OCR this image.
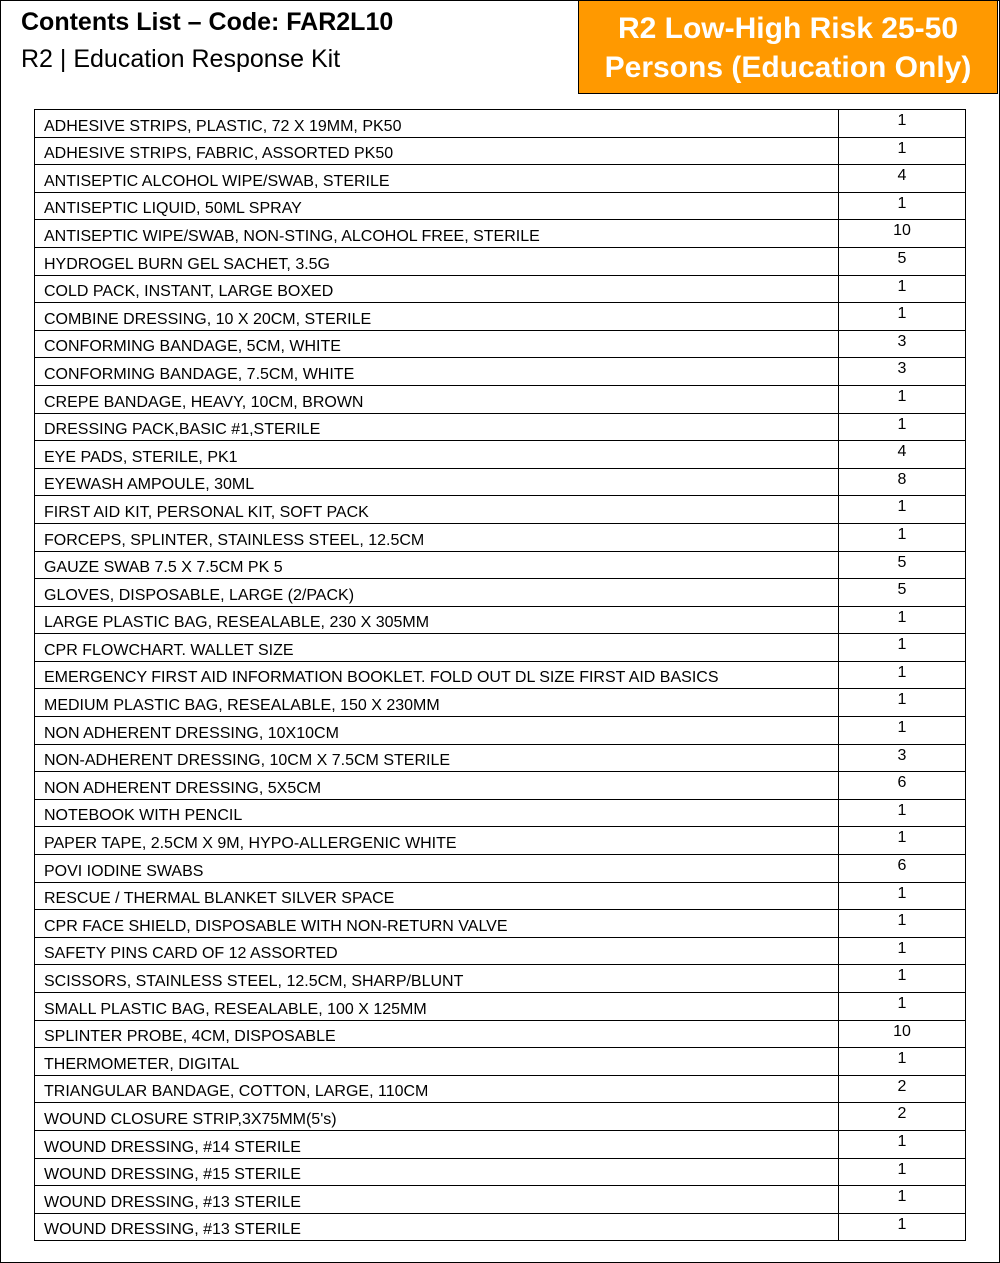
Contents List – Code: FAR2L10
R2 | Education Response Kit
R2 Low-High Risk 25-50
Persons (Education Only)
ADHESIVE STRIPS, PLASTIC, 72 X 19MM, PK50	1
ADHESIVE STRIPS, FABRIC, ASSORTED PK50	1
ANTISEPTIC ALCOHOL WIPE/SWAB, STERILE	4
ANTISEPTIC LIQUID, 50ML SPRAY	1
ANTISEPTIC WIPE/SWAB, NON-STING, ALCOHOL FREE, STERILE	10
HYDROGEL BURN GEL SACHET, 3.5G	5
COLD PACK, INSTANT, LARGE BOXED	1
COMBINE DRESSING, 10 X 20CM, STERILE	1
CONFORMING BANDAGE, 5CM, WHITE	3
CONFORMING BANDAGE, 7.5CM, WHITE	3
CREPE BANDAGE, HEAVY, 10CM, BROWN	1
DRESSING PACK,BASIC #1,STERILE	1
EYE PADS, STERILE, PK1	4
EYEWASH AMPOULE, 30ML	8
FIRST AID KIT, PERSONAL KIT, SOFT PACK	1
FORCEPS, SPLINTER, STAINLESS STEEL, 12.5CM	1
GAUZE SWAB 7.5 X 7.5CM PK 5	5
GLOVES, DISPOSABLE, LARGE (2/PACK)	5
LARGE PLASTIC BAG, RESEALABLE, 230 X 305MM	1
CPR FLOWCHART. WALLET SIZE	1
EMERGENCY FIRST AID INFORMATION BOOKLET. FOLD OUT DL SIZE FIRST AID BASICS	1
MEDIUM PLASTIC BAG, RESEALABLE, 150 X 230MM	1
NON ADHERENT DRESSING, 10X10CM	1
NON-ADHERENT DRESSING, 10CM X 7.5CM STERILE	3
NON ADHERENT DRESSING, 5X5CM	6
NOTEBOOK WITH PENCIL	1
PAPER TAPE, 2.5CM X 9M, HYPO-ALLERGENIC WHITE	1
POVI IODINE SWABS	6
RESCUE / THERMAL BLANKET SILVER SPACE	1
CPR FACE SHIELD, DISPOSABLE WITH NON-RETURN VALVE	1
SAFETY PINS CARD OF 12 ASSORTED	1
SCISSORS, STAINLESS STEEL, 12.5CM, SHARP/BLUNT	1
SMALL PLASTIC BAG, RESEALABLE, 100 X 125MM	1
SPLINTER PROBE, 4CM, DISPOSABLE	10
THERMOMETER, DIGITAL	1
TRIANGULAR BANDAGE, COTTON, LARGE, 110CM	2
WOUND CLOSURE STRIP,3X75MM(5's)	2
WOUND DRESSING, #14 STERILE	1
WOUND DRESSING, #15 STERILE	1
WOUND DRESSING, #13 STERILE	1
WOUND DRESSING, #13 STERILE	1
